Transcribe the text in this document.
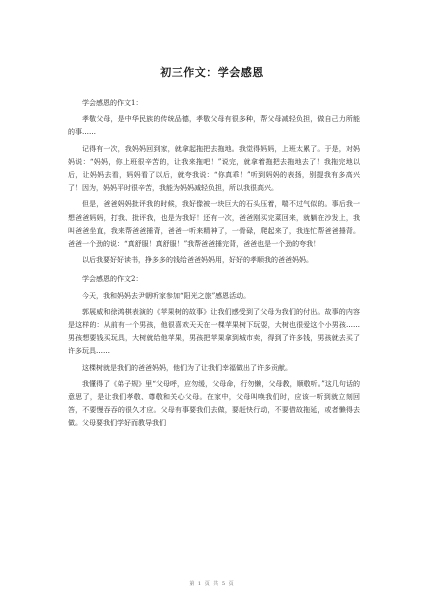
初三作文：学会感恩

学会感恩的作文1：

孝敬父母，是中华民族的传统品德，孝敬父母有很多种，帮父母减轻负担，做自己力所能的事……

记得有一次，我妈妈回到家，就拿起拖把去拖地。我觉得妈妈，上班太累了。于是，对妈妈说：“妈妈，你上班很辛苦的，让我来拖吧！”说完，就拿着拖把去拖地去了！我拖完地以后，让妈妈去看，妈妈看了以后，就夸我说：“你真乖！”听到妈妈的表扬，别提我有多高兴了！因为，妈妈平时很辛苦，我能为妈妈减轻负担，所以我很高兴。

但是，爸爸妈妈批评我的时候，我好像被一块巨大的石头压着，喘不过气似的。事后我一想爸爸妈妈，打我、批评我，也是为我好！还有一次，爸爸刚买完菜回来，就躺在沙发上，我叫爸爸坐直，我来帮爸爸捶背，爸爸一听来精神了，一骨碌，爬起来了，我连忙帮爸爸捶背。爸爸一个劲的说：“真舒服！真舒服！”我帮爸爸捶完背，爸爸也是一个劲的夸我！

以后我要好好读书，挣多多的钱给爸爸妈妈用，好好的孝顺我的爸爸妈妈。

学会感恩的作文2：

今天，我和妈妈去尹朝听家参加“阳光之旅”感恩活动。

郭展威和徐鸿棋表演的《苹果树的故事》让我们感受到了父母为我们的付出。故事的内容是这样的：从前有一个男孩，他很喜欢天天在一棵苹果树下玩耍，大树也很爱这个小男孩……男孩想要钱买玩具，大树就给他苹果，男孩把苹果拿到城市卖，得到了许多钱，男孩就去买了许多玩具……

这棵树就是我们的爸爸妈妈，他们为了让我们幸福做出了许多贡献。

我懂得了《弟子规》里“父母呼，应勿缓，父母命，行勿懒，父母教，顺敬听。”这几句话的意思了，是让我们孝敬、尊敬和关心父母。在家中，父母叫唤我们时，应该一听到就立刻回答，不要慢吞吞的很久才应。父母有事要我们去做，要赶快行动，不要借故拖延，或者懒得去做。父母要我们学好而教导我们

第 1 页 共 5 页
